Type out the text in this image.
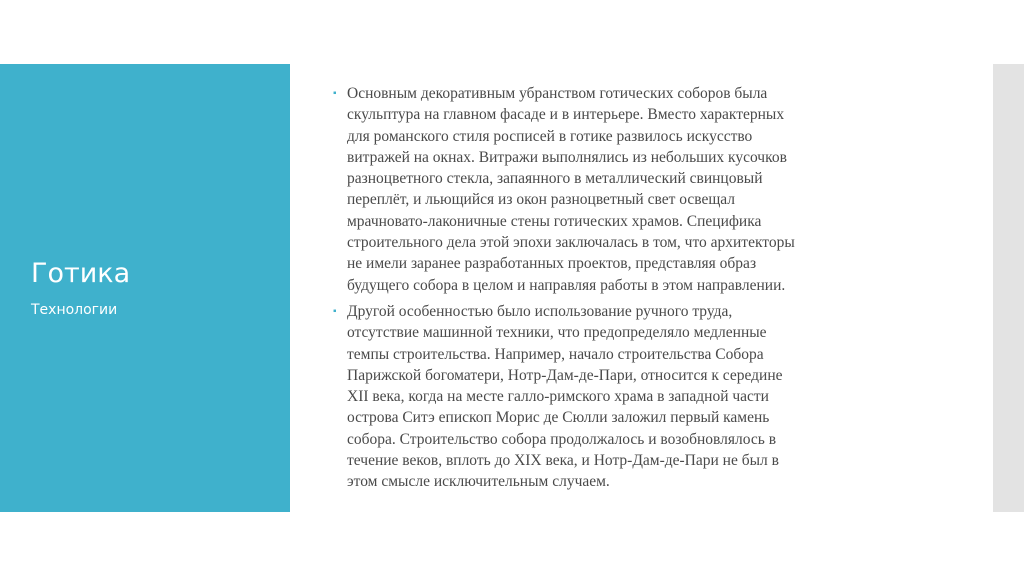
Готика
Технологии
▪ Основным декоративным убранством готических соборов была
скульптура на главном фасаде и в интерьере. Вместо характерных
для романского стиля росписей в готике развилось искусство
витражей на окнах. Витражи выполнялись из небольших кусочков
разноцветного стекла, запаянного в металлический свинцовый
переплёт, и льющийся из окон разноцветный свет освещал
мрачновато-лаконичные стены готических храмов. Специфика
строительного дела этой эпохи заключалась в том, что архитекторы
не имели заранее разработанных проектов, представляя образ
будущего собора в целом и направляя работы в этом направлении.
▪ Другой особенностью было использование ручного труда,
отсутствие машинной техники, что предопределяло медленные
темпы строительства. Например, начало строительства Собора
Парижской богоматери, Нотр-Дам-де-Пари, относится к середине
XII века, когда на месте галло-римского храма в западной части
острова Ситэ епископ Морис де Сюлли заложил первый камень
собора. Строительство собора продолжалось и возобновлялось в
течение веков, вплоть до XIX века, и Нотр-Дам-де-Пари не был в
этом смысле исключительным случаем.
